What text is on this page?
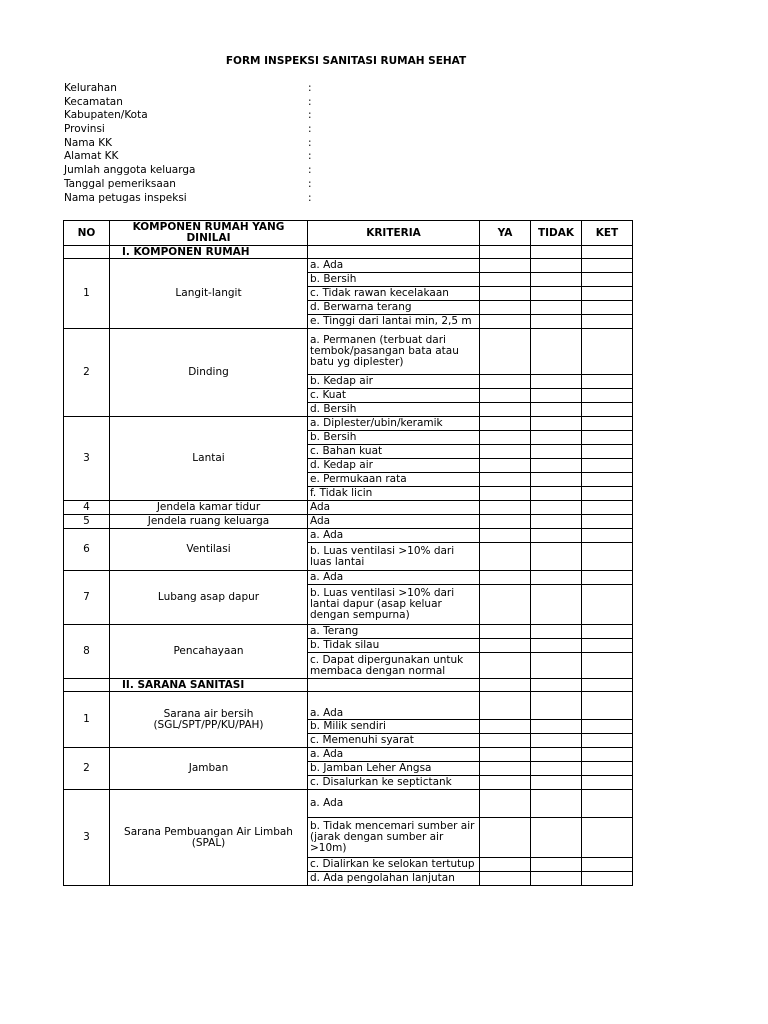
FORM INSPEKSI SANITASI RUMAH SEHAT
Kelurahan	:
Kecamatan	:
Kabupaten/Kota	:
Provinsi	:
Nama KK	:
Alamat KK	:
Jumlah anggota keluarga	:
Tanggal pemeriksaan	:
Nama petugas inspeksi	:
NO	KOMPONEN RUMAH YANG DINILAI	KRITERIA	YA	TIDAK	KET
	I. KOMPONEN RUMAH				
1	Langit-langit	a. Ada			
		b. Bersih			
		c. Tidak rawan kecelakaan			
		d. Berwarna terang			
		e. Tinggi dari lantai min, 2,5 m			
2	Dinding	a. Permanen (terbuat dari tembok/pasangan bata atau batu yg diplester)			
		b. Kedap air			
		c. Kuat			
		d. Bersih			
3	Lantai	a. Diplester/ubin/keramik			
		b. Bersih			
		c. Bahan kuat			
		d. Kedap air			
		e. Permukaan rata			
		f. Tidak licin			
4	Jendela kamar tidur	Ada			
5	Jendela ruang keluarga	Ada			
6	Ventilasi	a. Ada			
		b. Luas ventilasi >10% dari luas lantai			
7	Lubang asap dapur	a. Ada			
		b. Luas ventilasi >10% dari lantai dapur (asap keluar dengan sempurna)			
8	Pencahayaan	a. Terang			
		b. Tidak silau			
		c. Dapat dipergunakan untuk membaca dengan normal			
	II. SARANA SANITASI				
1	Sarana air bersih (SGL/SPT/PP/KU/PAH)	a. Ada			
		b. Milik sendiri			
		c. Memenuhi syarat			
2	Jamban	a. Ada			
		b. Jamban Leher Angsa			
		c. Disalurkan ke septictank			
3	Sarana Pembuangan Air Limbah (SPAL)	a. Ada			
		b. Tidak mencemari sumber air (jarak dengan sumber air >10m)			
		c. Dialirkan ke selokan tertutup			
		d. Ada pengolahan lanjutan			
